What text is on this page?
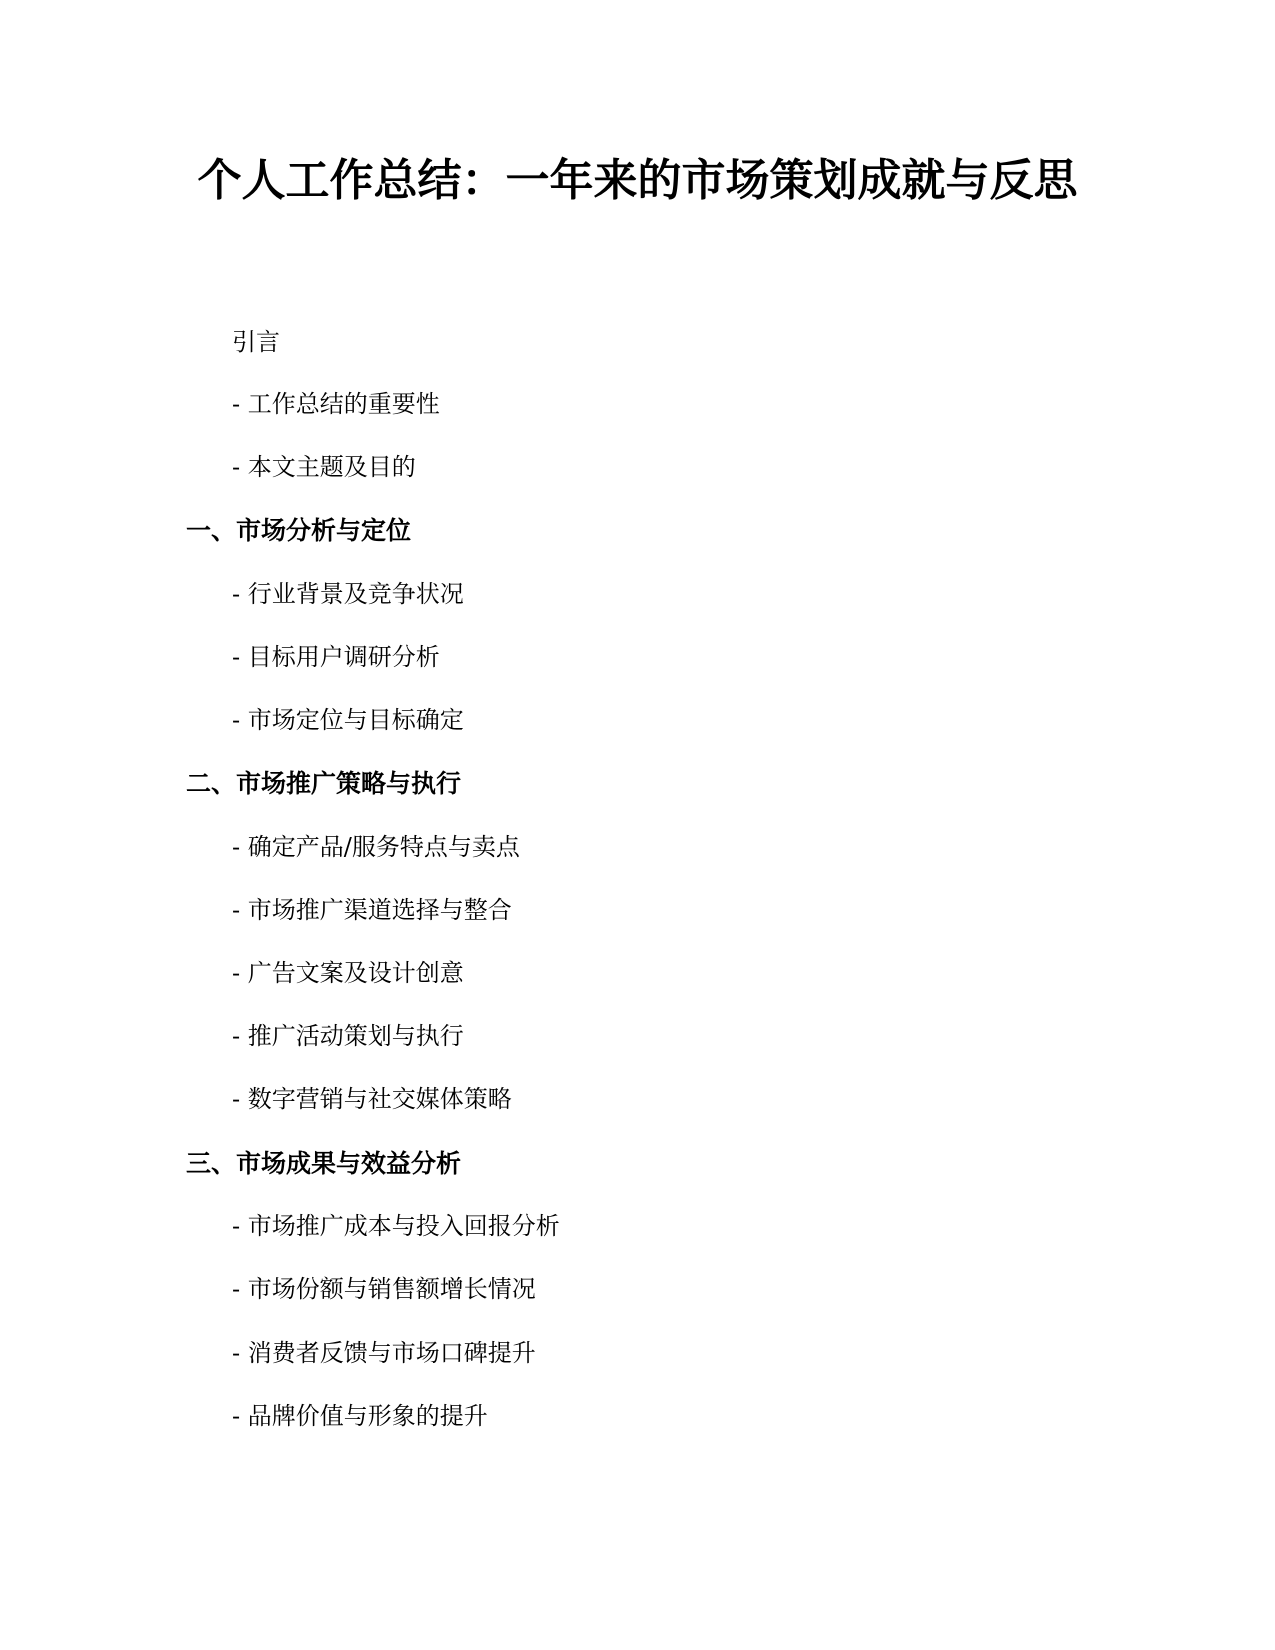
个人工作总结：一年来的市场策划成就与反思

引言

- 工作总结的重要性

- 本文主题及目的

一、市场分析与定位

- 行业背景及竞争状况

- 目标用户调研分析

- 市场定位与目标确定

二、市场推广策略与执行

- 确定产品/服务特点与卖点

- 市场推广渠道选择与整合

- 广告文案及设计创意

- 推广活动策划与执行

- 数字营销与社交媒体策略

三、市场成果与效益分析

- 市场推广成本与投入回报分析

- 市场份额与销售额增长情况

- 消费者反馈与市场口碑提升

- 品牌价值与形象的提升
